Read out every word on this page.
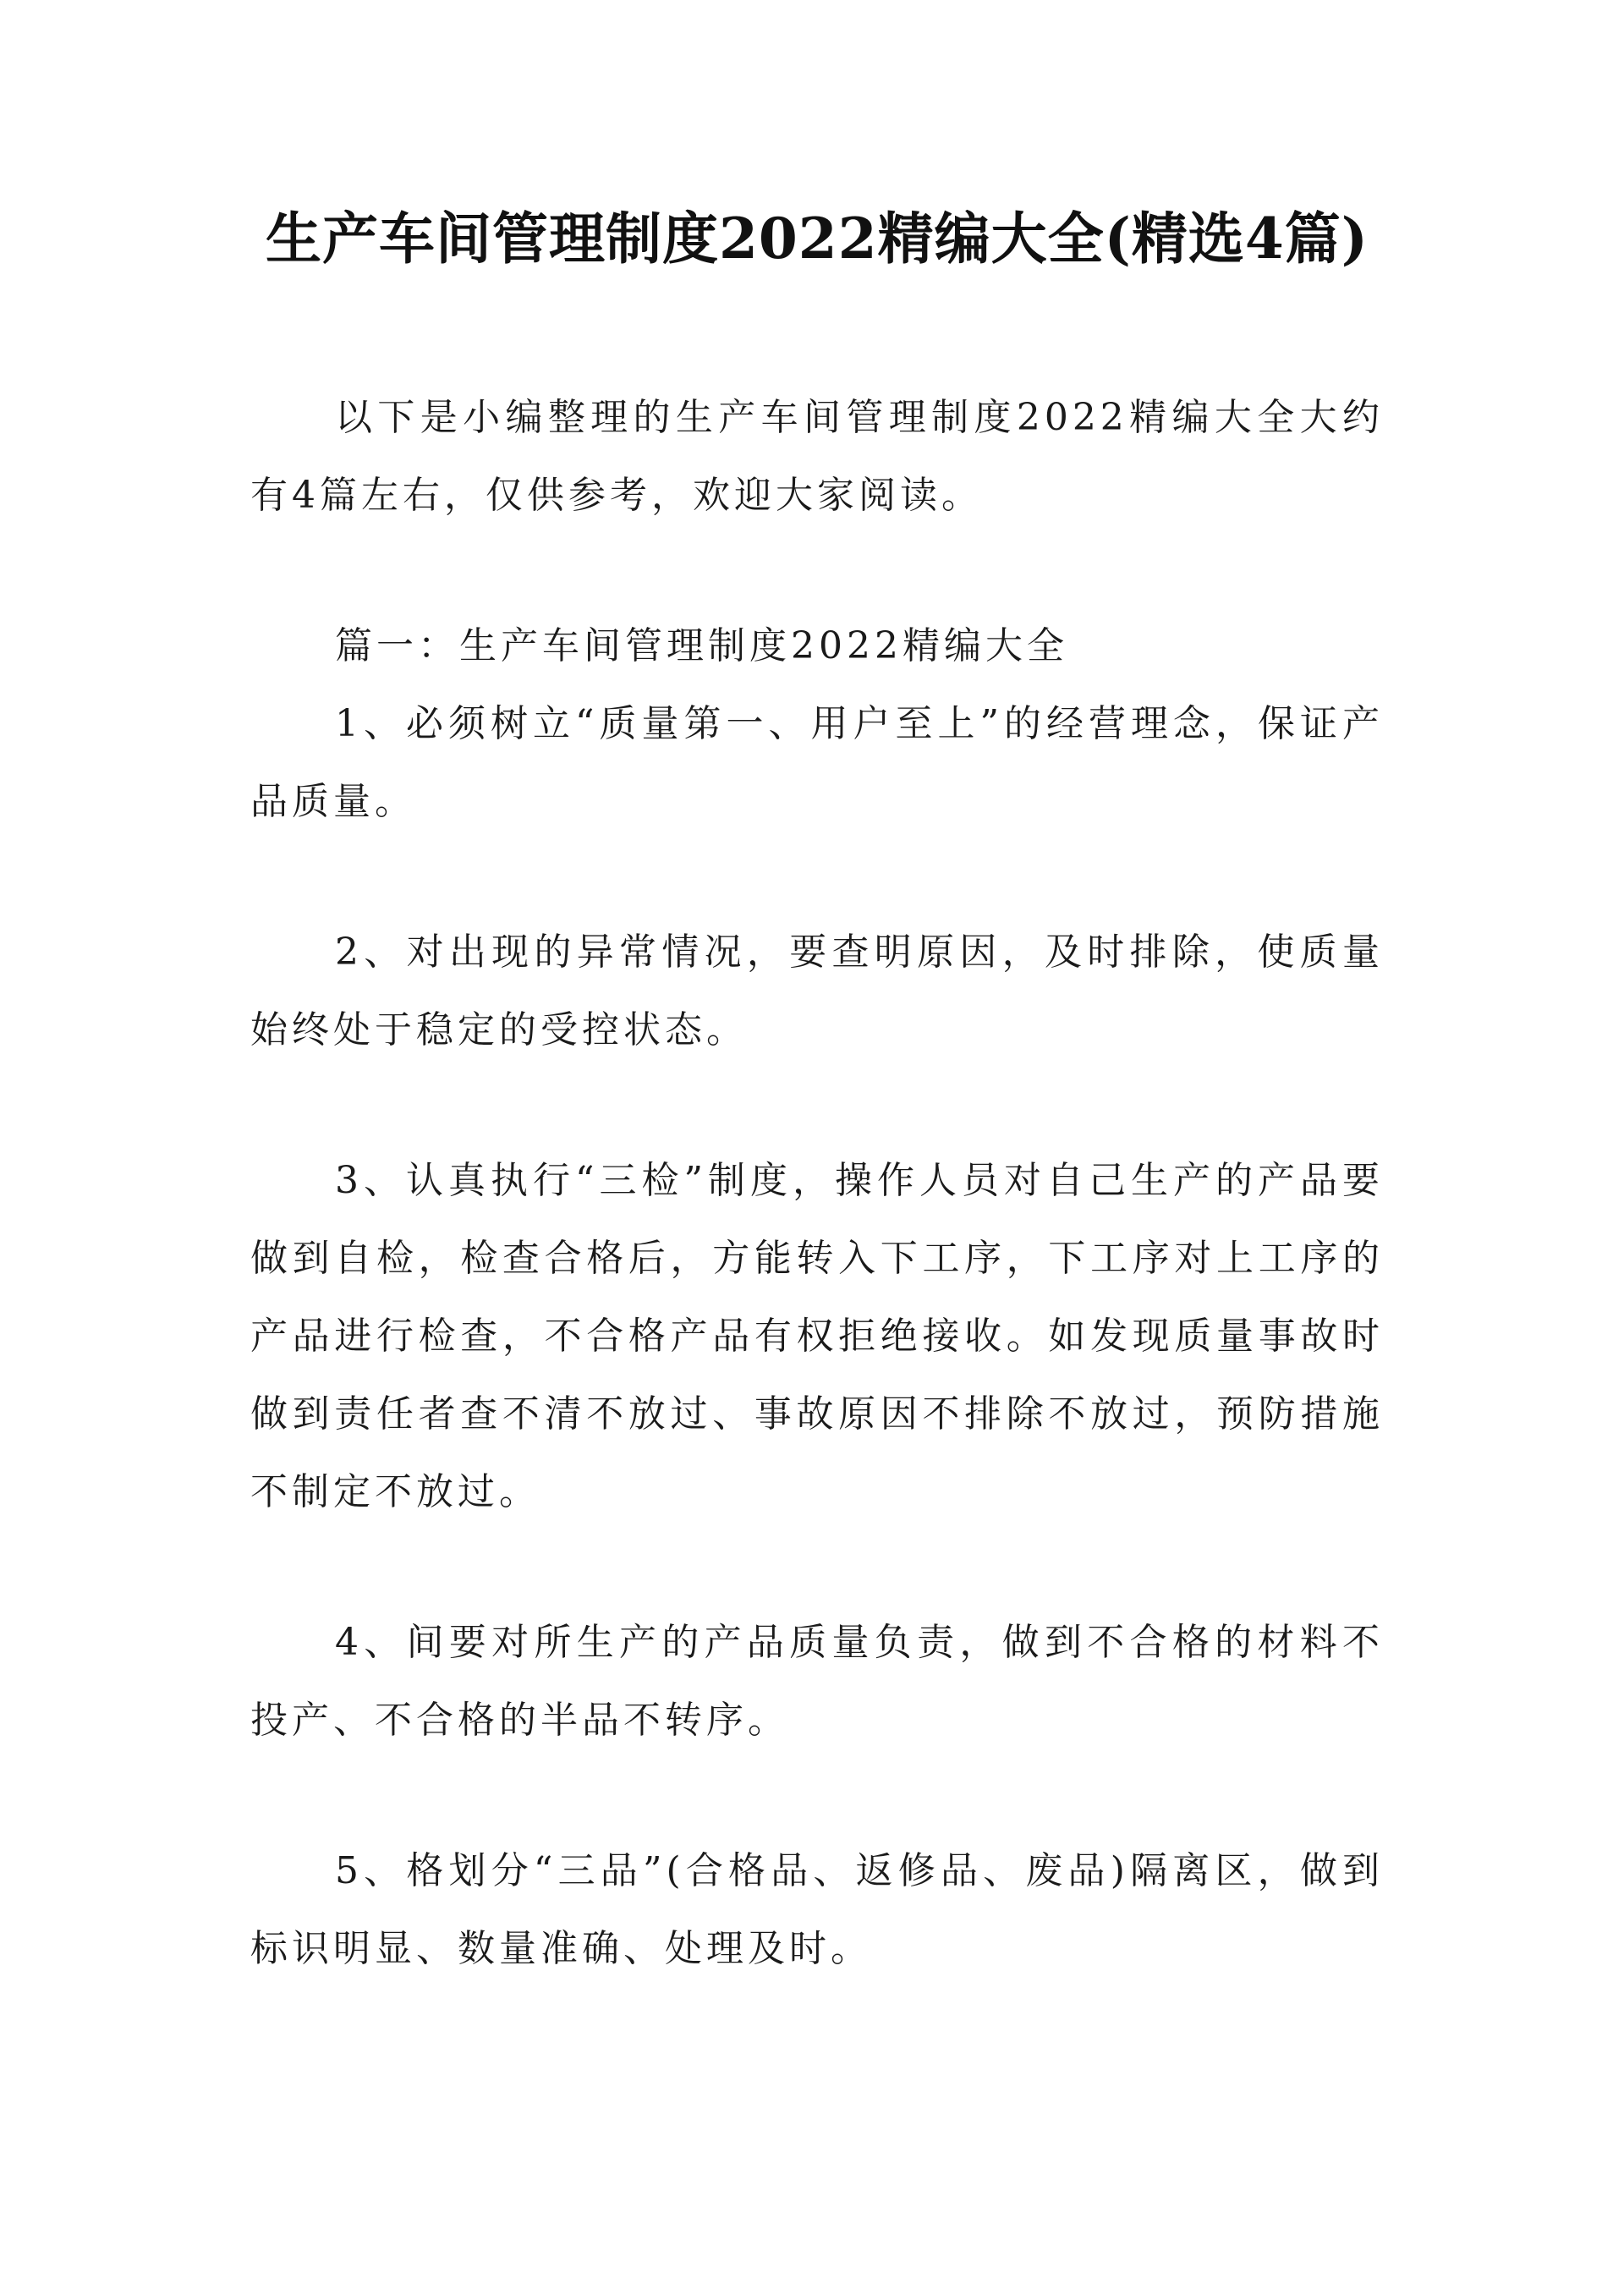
生产车间管理制度2022精编大全(精选4篇)

以下是小编整理的生产车间管理制度2022精编大全大约有4篇左右，仅供参考，欢迎大家阅读。

篇一：生产车间管理制度2022精编大全

1、必须树立“质量第一、用户至上”的经营理念，保证产品质量。

2、对出现的异常情况，要查明原因，及时排除，使质量始终处于稳定的受控状态。

3、认真执行“三检”制度，操作人员对自己生产的产品要做到自检，检查合格后，方能转入下工序，下工序对上工序的产品进行检查，不合格产品有权拒绝接收。如发现质量事故时做到责任者查不清不放过、事故原因不排除不放过，预防措施不制定不放过。

4、间要对所生产的产品质量负责，做到不合格的材料不投产、不合格的半品不转序。

5、格划分“三品”(合格品、返修品、废品)隔离区，做到标识明显、数量准确、处理及时。
